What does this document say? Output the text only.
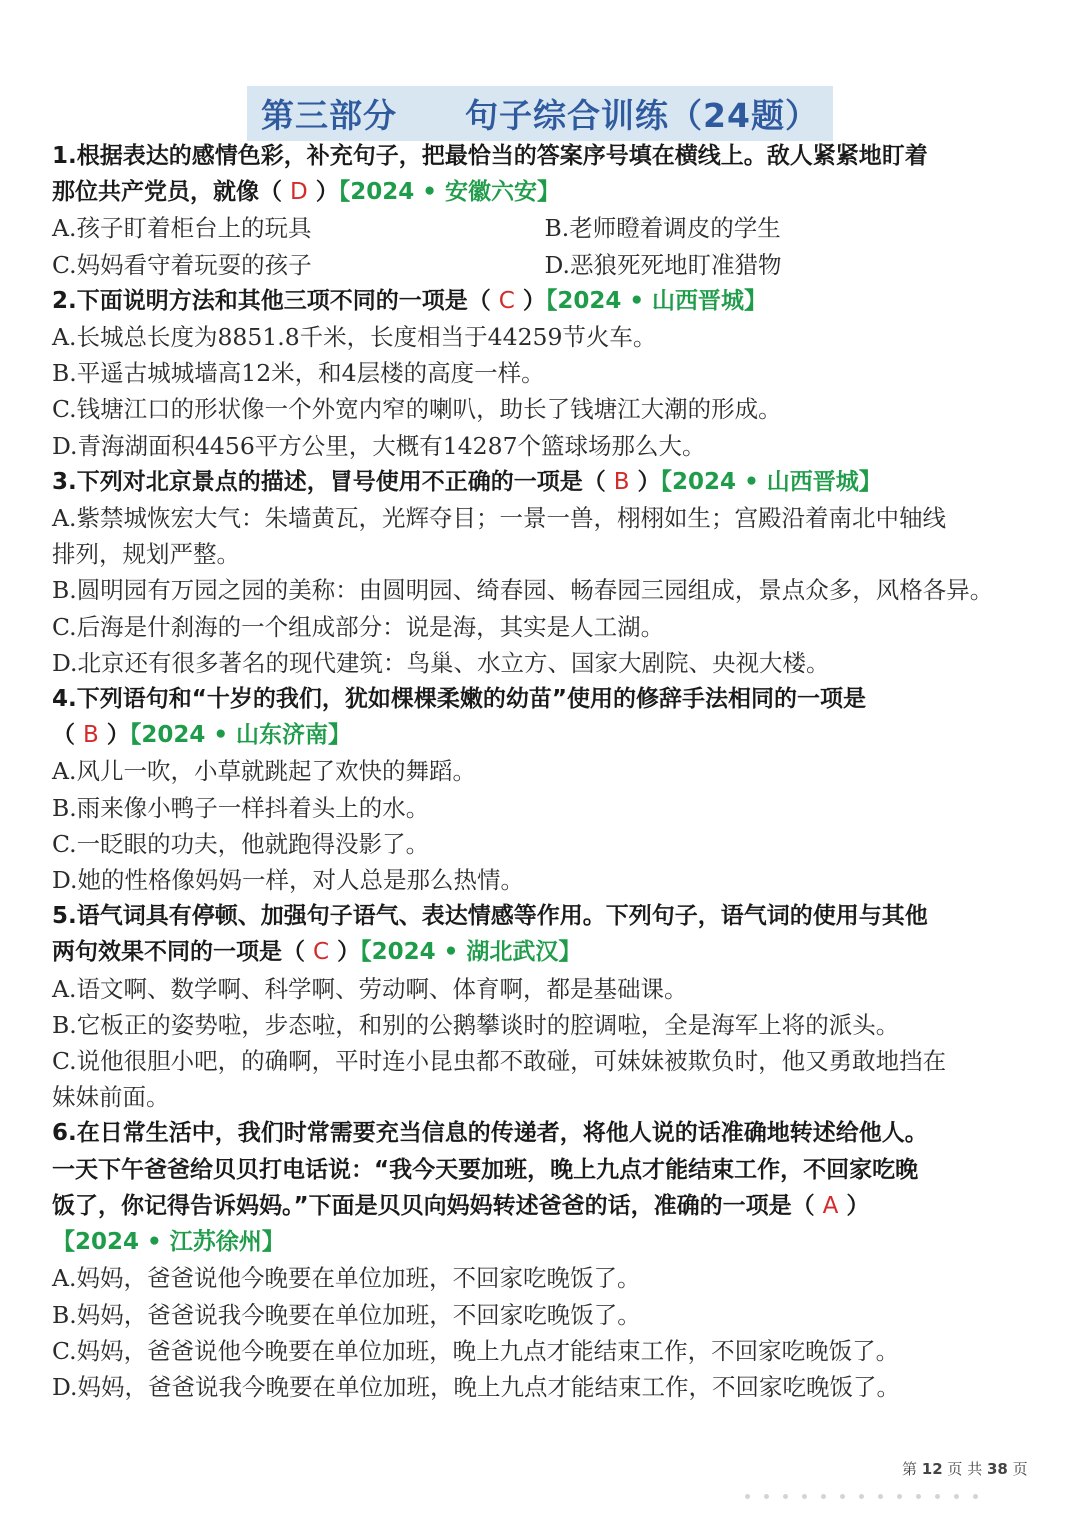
第三部分　　句子综合训练（24题）
1.根据表达的感情色彩，补充句子，把最恰当的答案序号填在横线上。敌人紧紧地盯着
那位共产党员，就像（ D ）【2024 • 安徽六安】
A.孩子盯着柜台上的玩具	B.老师瞪着调皮的学生
C.妈妈看守着玩耍的孩子	D.恶狼死死地盯准猎物
2.下面说明方法和其他三项不同的一项是（ C ）【2024 • 山西晋城】
A.长城总长度为8851.8千米，长度相当于44259节火车。
B.平遥古城城墙高12米，和4层楼的高度一样。
C.钱塘江口的形状像一个外宽内窄的喇叭，助长了钱塘江大潮的形成。
D.青海湖面积4456平方公里，大概有14287个篮球场那么大。
3.下列对北京景点的描述，冒号使用不正确的一项是（ B ）【2024 • 山西晋城】
A.紫禁城恢宏大气：朱墙黄瓦，光辉夺目；一景一兽，栩栩如生；宫殿沿着南北中轴线
排列，规划严整。
B.圆明园有万园之园的美称：由圆明园、绮春园、畅春园三园组成，景点众多，风格各异。
C.后海是什刹海的一个组成部分：说是海，其实是人工湖。
D.北京还有很多著名的现代建筑：鸟巢、水立方、国家大剧院、央视大楼。
4.下列语句和“十岁的我们，犹如棵棵柔嫩的幼苗”使用的修辞手法相同的一项是
（ B ）【2024 • 山东济南】
A.风儿一吹，小草就跳起了欢快的舞蹈。
B.雨来像小鸭子一样抖着头上的水。
C.一眨眼的功夫，他就跑得没影了。
D.她的性格像妈妈一样，对人总是那么热情。
5.语气词具有停顿、加强句子语气、表达情感等作用。下列句子，语气词的使用与其他
两句效果不同的一项是（ C ）【2024 • 湖北武汉】
A.语文啊、数学啊、科学啊、劳动啊、体育啊，都是基础课。
B.它板正的姿势啦，步态啦，和别的公鹅攀谈时的腔调啦，全是海军上将的派头。
C.说他很胆小吧，的确啊，平时连小昆虫都不敢碰，可妹妹被欺负时，他又勇敢地挡在
妹妹前面。
6.在日常生活中，我们时常需要充当信息的传递者，将他人说的话准确地转述给他人。
一天下午爸爸给贝贝打电话说：“我今天要加班，晚上九点才能结束工作，不回家吃晚
饭了，你记得告诉妈妈。”下面是贝贝向妈妈转述爸爸的话，准确的一项是（ A ）
【2024 • 江苏徐州】
A.妈妈，爸爸说他今晚要在单位加班，不回家吃晚饭了。
B.妈妈，爸爸说我今晚要在单位加班，不回家吃晚饭了。
C.妈妈，爸爸说他今晚要在单位加班，晚上九点才能结束工作，不回家吃晚饭了。
D.妈妈，爸爸说我今晚要在单位加班，晚上九点才能结束工作，不回家吃晚饭了。
第 12 页 共 38 页
